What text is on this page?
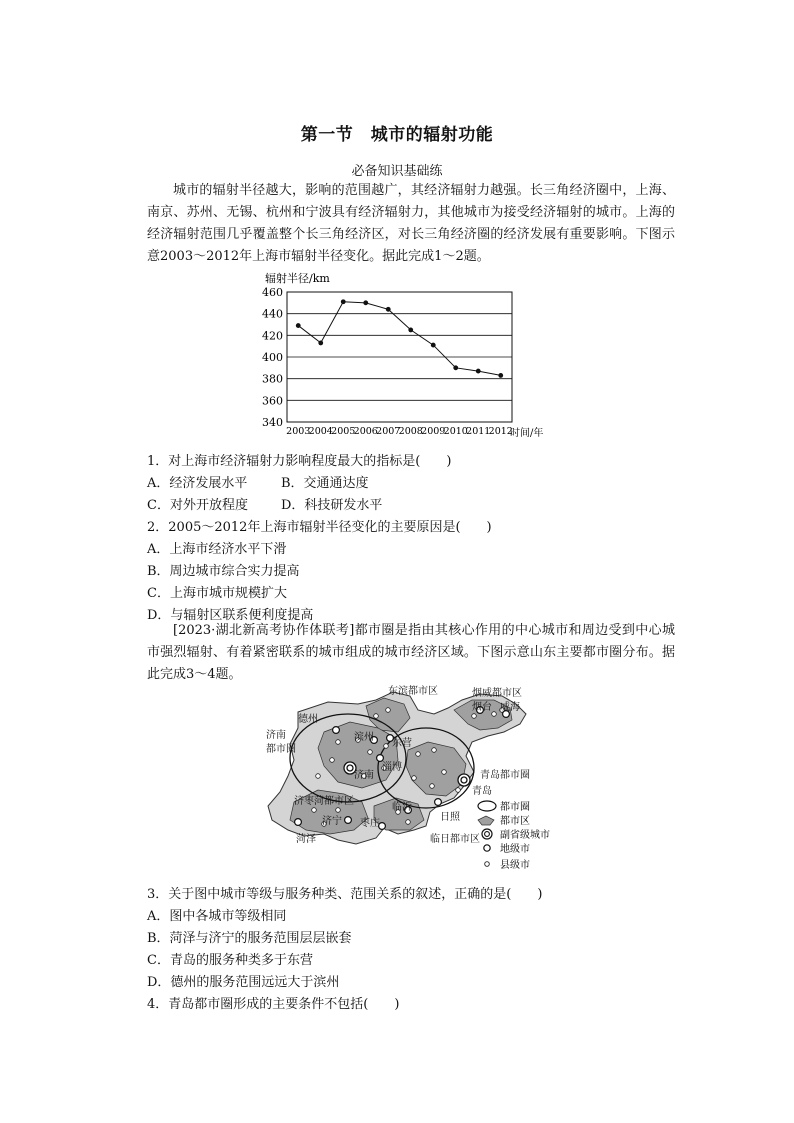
第一节　城市的辐射功能
必备知识基础练
城市的辐射半径越大，影响的范围越广，其经济辐射力越强。长三角经济圈中，上海、南京、苏州、无锡、杭州和宁波具有经济辐射力，其他城市为接受经济辐射的城市。上海的经济辐射范围几乎覆盖整个长三角经济区，对长三角经济圈的经济发展有重要影响。下图示意2003～2012年上海市辐射半径变化。据此完成1～2题。
辐射半径/km
340
360
380
400
420
440
460
2003
2004
2005
2006
2007
2008
2009
2010
2011
2012
时间/年
1．对上海市经济辐射力影响程度最大的指标是(　　)
A．经济发展水平	B．交通通达度
C．对外开放程度	D．科技研发水平
2．2005～2012年上海市辐射半径变化的主要原因是(　　)
A．上海市经济水平下滑
B．周边城市综合实力提高
C．上海市城市规模扩大
D．与辐射区联系便利度提高
[2023·湖北新高考协作体联考]都市圈是指由其核心作用的中心城市和周边受到中心城市强烈辐射、有着紧密联系的城市组成的城市经济区域。下图示意山东主要都市圈分布。据此完成3～4题。
东滨都市区	烟威都市区
烟台 威海
德州
济南
都市圈
滨州
东营
淄博
济南	青岛都市圈
青岛
济枣菏都市区
临沂
日照
菏泽
济宁 枣庄
临日都市区
都市圈
都市区
副省级城市
地级市
县级市
3．关于图中城市等级与服务种类、范围关系的叙述，正确的是(　　)
A．图中各城市等级相同
B．菏泽与济宁的服务范围层层嵌套
C．青岛的服务种类多于东营
D．德州的服务范围远远大于滨州
4．青岛都市圈形成的主要条件不包括(　　)
